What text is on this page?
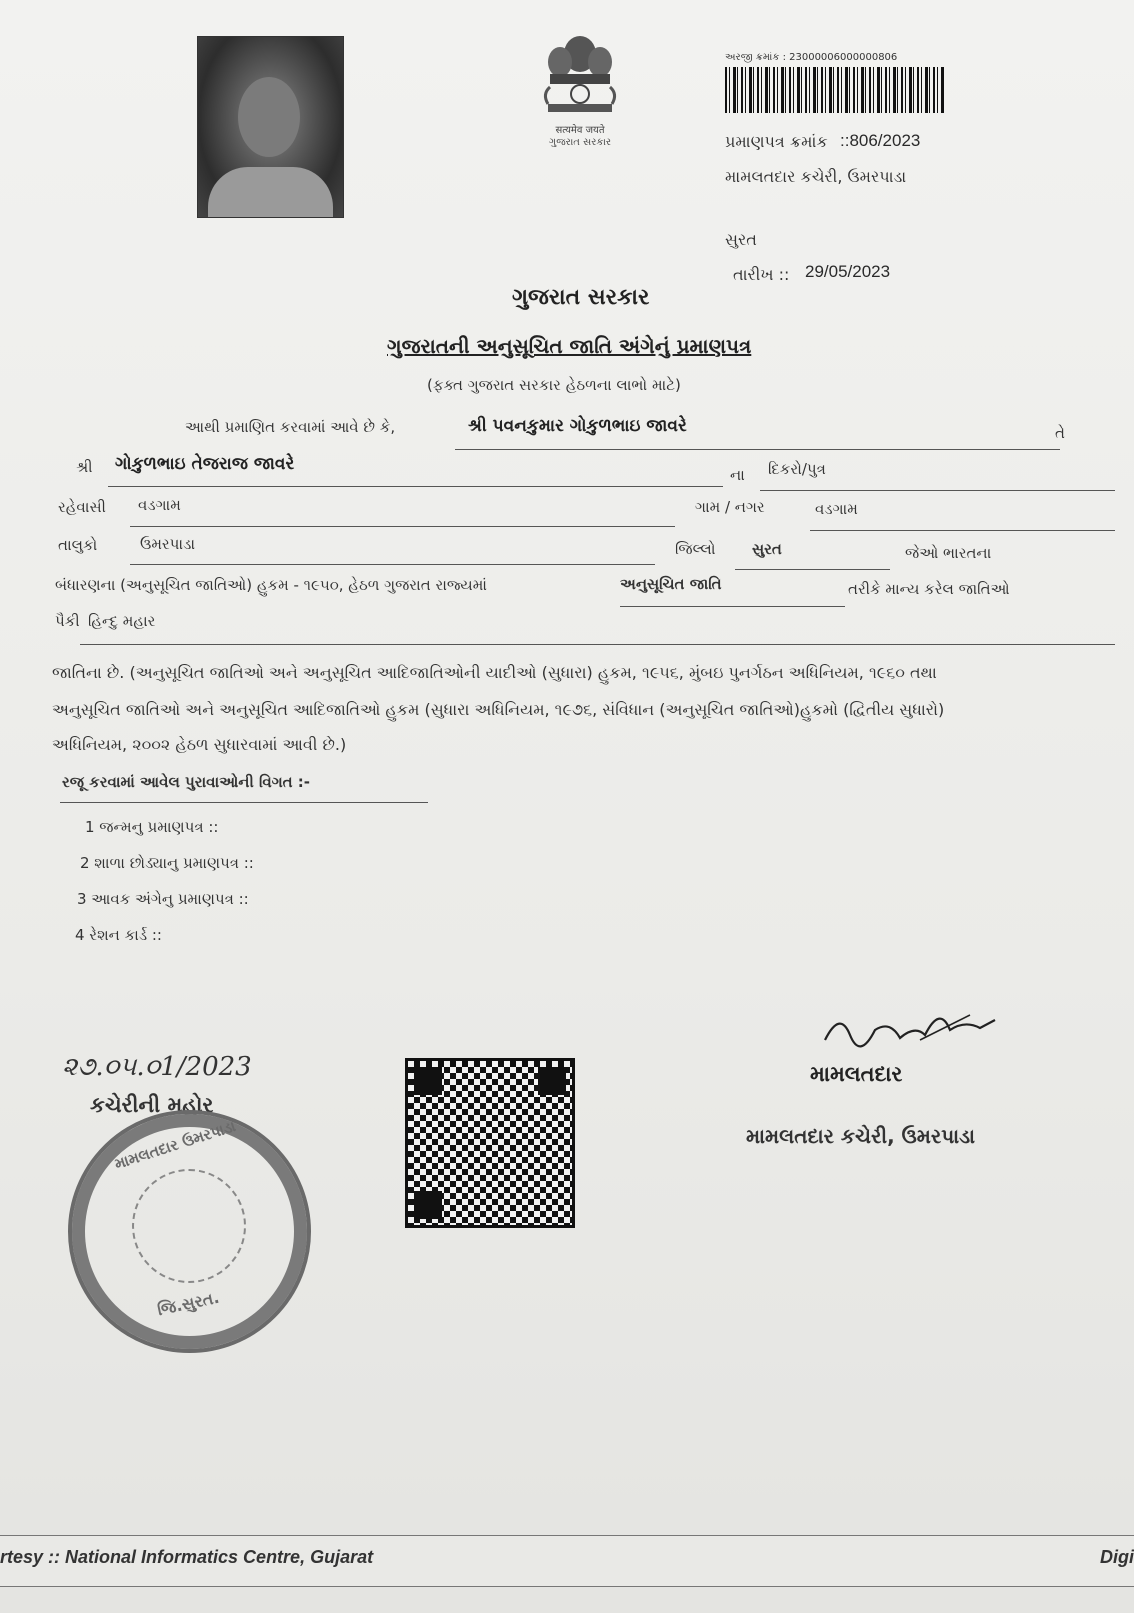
सत्यमेव जयते
ગુજરાત સરકાર
અરજી ક્રમાંક : 23000006000000806
પ્રમાણપત્ર ક્રમાંક ::806/2023
મામલતદાર કચેરી, ઉમરપાડા
સુરત
તારીખ :: 29/05/2023
ગુજરાત સરકાર
ગુજરાતની અનુસૂચિત જાતિ અંગેનું પ્રમાણપત્ર
(ફક્ત ગુજરાત સરકાર હેઠળના લાભો માટે)
આથી પ્રમાણિત કરવામાં આવે છે કે,	શ્રી પવનકુમાર ગોકુળભાઇ જાવરે	તે
શ્રી ગોકુળભાઇ તેજરાજ જાવરે
ના દિકરો/પુત્ર
રહેવાસી વડગામ	ગામ / નગર	વડગામ
તાલુકો	ઉમરપાડા	જિલ્લો સુરત	જેઓ ભારતના
બંધારણના (અનુસૂચિત જાતિઓ) હુકમ - ૧૯૫૦, હેઠળ ગુજરાત રાજ્યમાં	અનુસૂચિત જાતિ	તરીકે માન્ય કરેલ જાતિઓ
પૈકી હિન્દુ મહાર
જાતિના છે. (અનુસૂચિત જાતિઓ અને અનુસૂચિત આદિજાતિઓની યાદીઓ (સુધારા) હુકમ, ૧૯૫૬, મુંબઇ પુનર્ગઠન અધિનિયમ, ૧૯૬૦ તથા
અનુસૂચિત જાતિઓ અને અનુસૂચિત આદિજાતિઓ હુકમ (સુધારા અધિનિયમ, ૧૯૭૬, સંવિધાન (અનુસૂચિત જાતિઓ)હુકમો (દ્વિતીય સુધારો)
અધિનિયમ, ૨૦૦૨ હેઠળ સુધારવામાં આવી છે.)
રજૂ કરવામાં આવેલ પુરાવાઓની વિગત :-
1 જન્મનુ પ્રમાણપત્ર ::
2 શાળા છોડ્યાનુ પ્રમાણપત્ર ::
3 આવક અંગેનુ પ્રમાણપત્ર ::
4 રેશન કાર્ડ ::
૨૭.૦૫.૦1/2023
કચેરીની મહોર
મામલતદાર ઉમરપાડા
જિ.સુરત.
મામલતદાર
મામલતદાર કચેરી, ઉમરપાડા
rtesy :: National Informatics Centre, Gujarat	Digi
